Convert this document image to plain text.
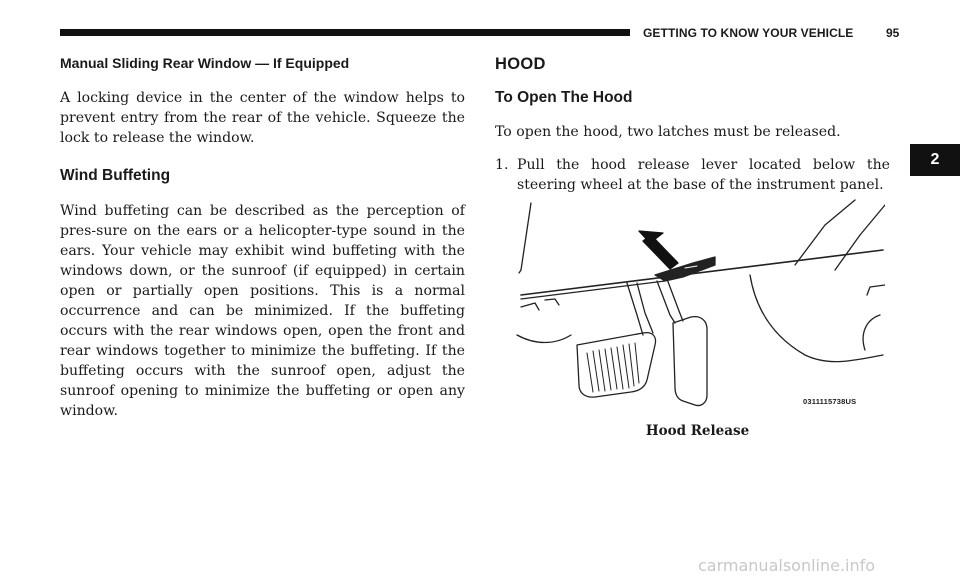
GETTING TO KNOW YOUR VEHICLE	95
2
Manual Sliding Rear Window — If Equipped

A locking device in the center of the window helps to prevent entry from the rear of the vehicle. Squeeze the lock to release the window.

Wind Buffeting

Wind buffeting can be described as the perception of pres-sure on the ears or a helicopter-type sound in the ears. Your vehicle may exhibit wind buffeting with the windows down, or the sunroof (if equipped) in certain open or partially open positions. This is a normal occurrence and can be minimized. If the buffeting occurs with the rear windows open, open the front and rear windows together to minimize the buffeting. If the buffeting occurs with the sunroof open, adjust the sunroof opening to minimize the buffeting or open any window.

HOOD
To Open The Hood

To open the hood, two latches must be released.

1. Pull the hood release lever located below the steering wheel at the base of the instrument panel.
0311115738US
Hood Release
carmanualsonline.info
